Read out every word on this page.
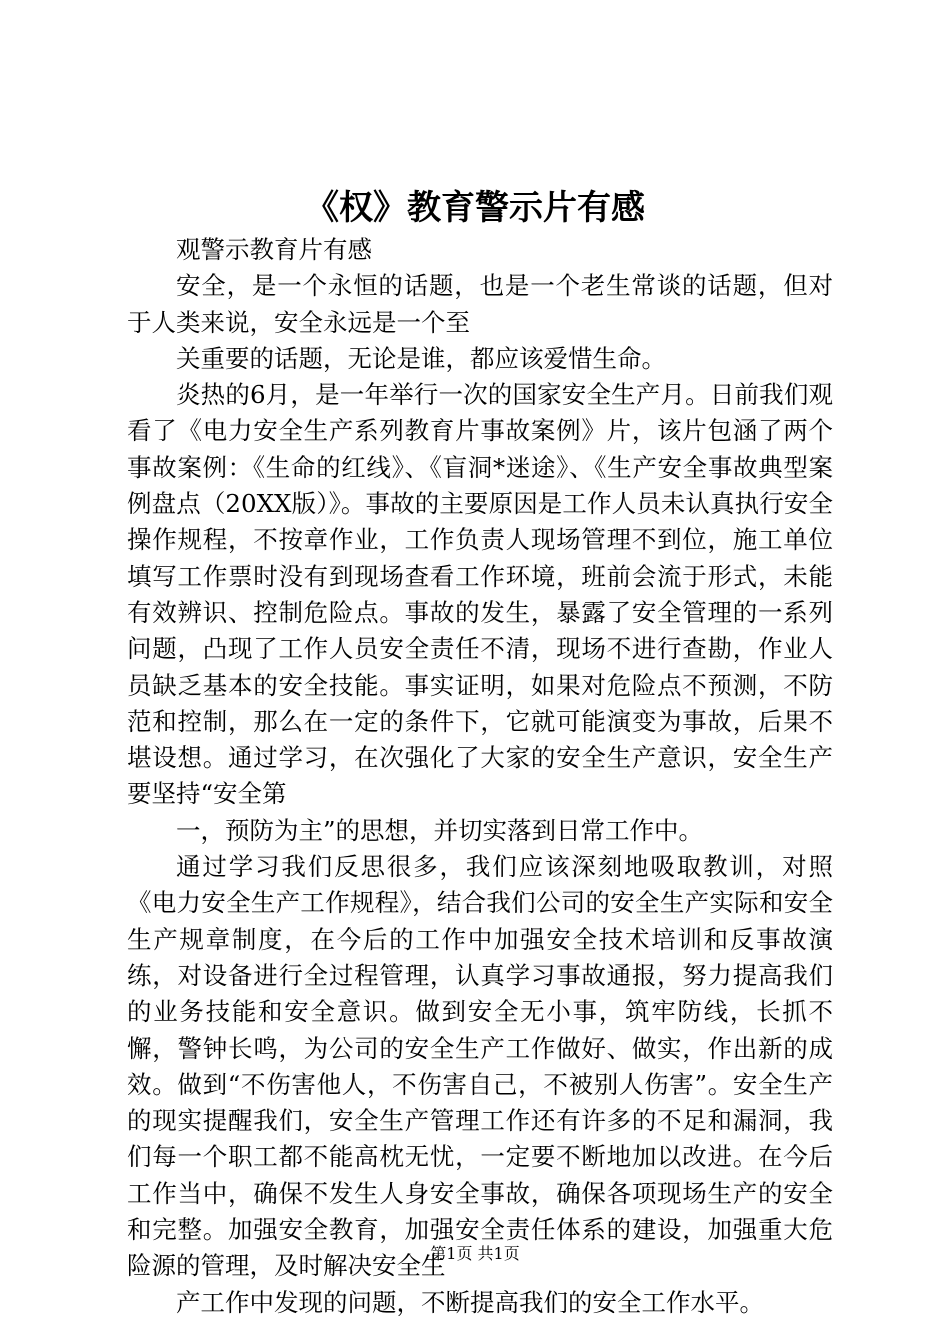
《权》教育警示片有感

观警示教育片有感

安全，是一个永恒的话题，也是一个老生常谈的话题，但对于人类来说，安全永远是一个至

关重要的话题，无论是谁，都应该爱惜生命。

炎热的6月，是一年举行一次的国家安全生产月。日前我们观看了《电力安全生产系列教育片事故案例》片，该片包涵了两个事故案例：《生命的红线》、《盲洞*迷途》、《生产安全事故典型案例盘点（20XX版）》。事故的主要原因是工作人员未认真执行安全操作规程，不按章作业，工作负责人现场管理不到位，施工单位填写工作票时没有到现场查看工作环境，班前会流于形式，未能有效辨识、控制危险点。事故的发生，暴露了安全管理的一系列问题，凸现了工作人员安全责任不清，现场不进行查勘，作业人员缺乏基本的安全技能。事实证明，如果对危险点不预测，不防范和控制，那么在一定的条件下，它就可能演变为事故，后果不堪设想。通过学习，在次强化了大家的安全生产意识，安全生产要坚持“安全第

一，预防为主”的思想，并切实落到日常工作中。

通过学习我们反思很多，我们应该深刻地吸取教训，对照《电力安全生产工作规程》，结合我们公司的安全生产实际和安全生产规章制度，在今后的工作中加强安全技术培训和反事故演练，对设备进行全过程管理，认真学习事故通报，努力提高我们的业务技能和安全意识。做到安全无小事，筑牢防线，长抓不懈，警钟长鸣，为公司的安全生产工作做好、做实，作出新的成效。做到“不伤害他人，不伤害自己，不被别人伤害”。安全生产的现实提醒我们，安全生产管理工作还有许多的不足和漏洞，我们每一个职工都不能高枕无忧，一定要不断地加以改进。在今后工作当中，确保不发生人身安全事故，确保各项现场生产的安全和完整。加强安全教育，加强安全责任体系的建设，加强重大危险源的管理，及时解决安全生

产工作中发现的问题，不断提高我们的安全工作水平。

第1页 共1页
